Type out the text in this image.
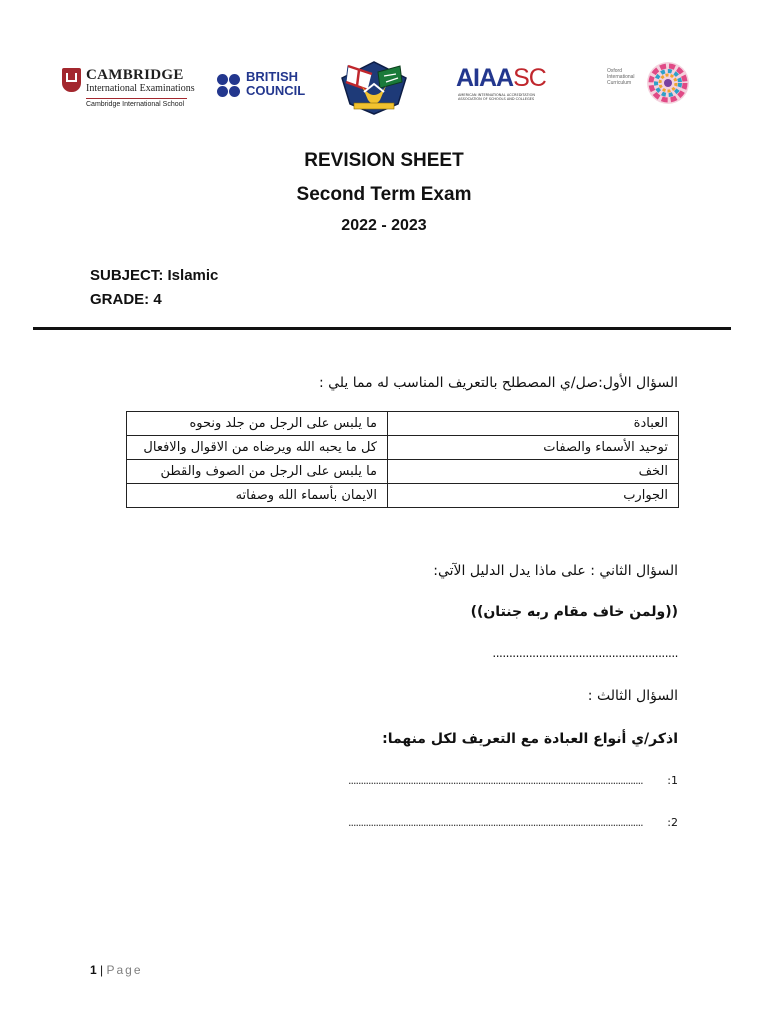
CAMBRIDGE
International Examinations
Cambridge International School
BRITISH
COUNCIL	AIAASC
AMERICAN INTERNATIONAL ACCREDITATION ASSOCIATION OF SCHOOLS AND COLLEGES
Oxford International Curriculum
REVISION SHEET
Second Term Exam
2022 - 2023
SUBJECT: Islamic
GRADE: 4
السؤال الأول:صل/ي المصطلح بالتعريف المناسب له مما يلي :
العبادة	ما يلبس على الرجل من جلد ونحوه
توحيد الأسماء والصفات	كل ما يحبه الله ويرضاه من الاقوال والافعال
الخف	ما يلبس على الرجل من الصوف والقطن
الجوارب	الايمان بأسماء الله وصفاته
السؤال الثاني : على ماذا يدل الدليل الآتي:
((ولمن خاف مقام ربه جنتان))
........................................................
السؤال الثالث :
اذكر/ي أنواع العبادة مع التعريف لكل منهما:
...................................................................................................................... :1
...................................................................................................................... :2
1 | Page
